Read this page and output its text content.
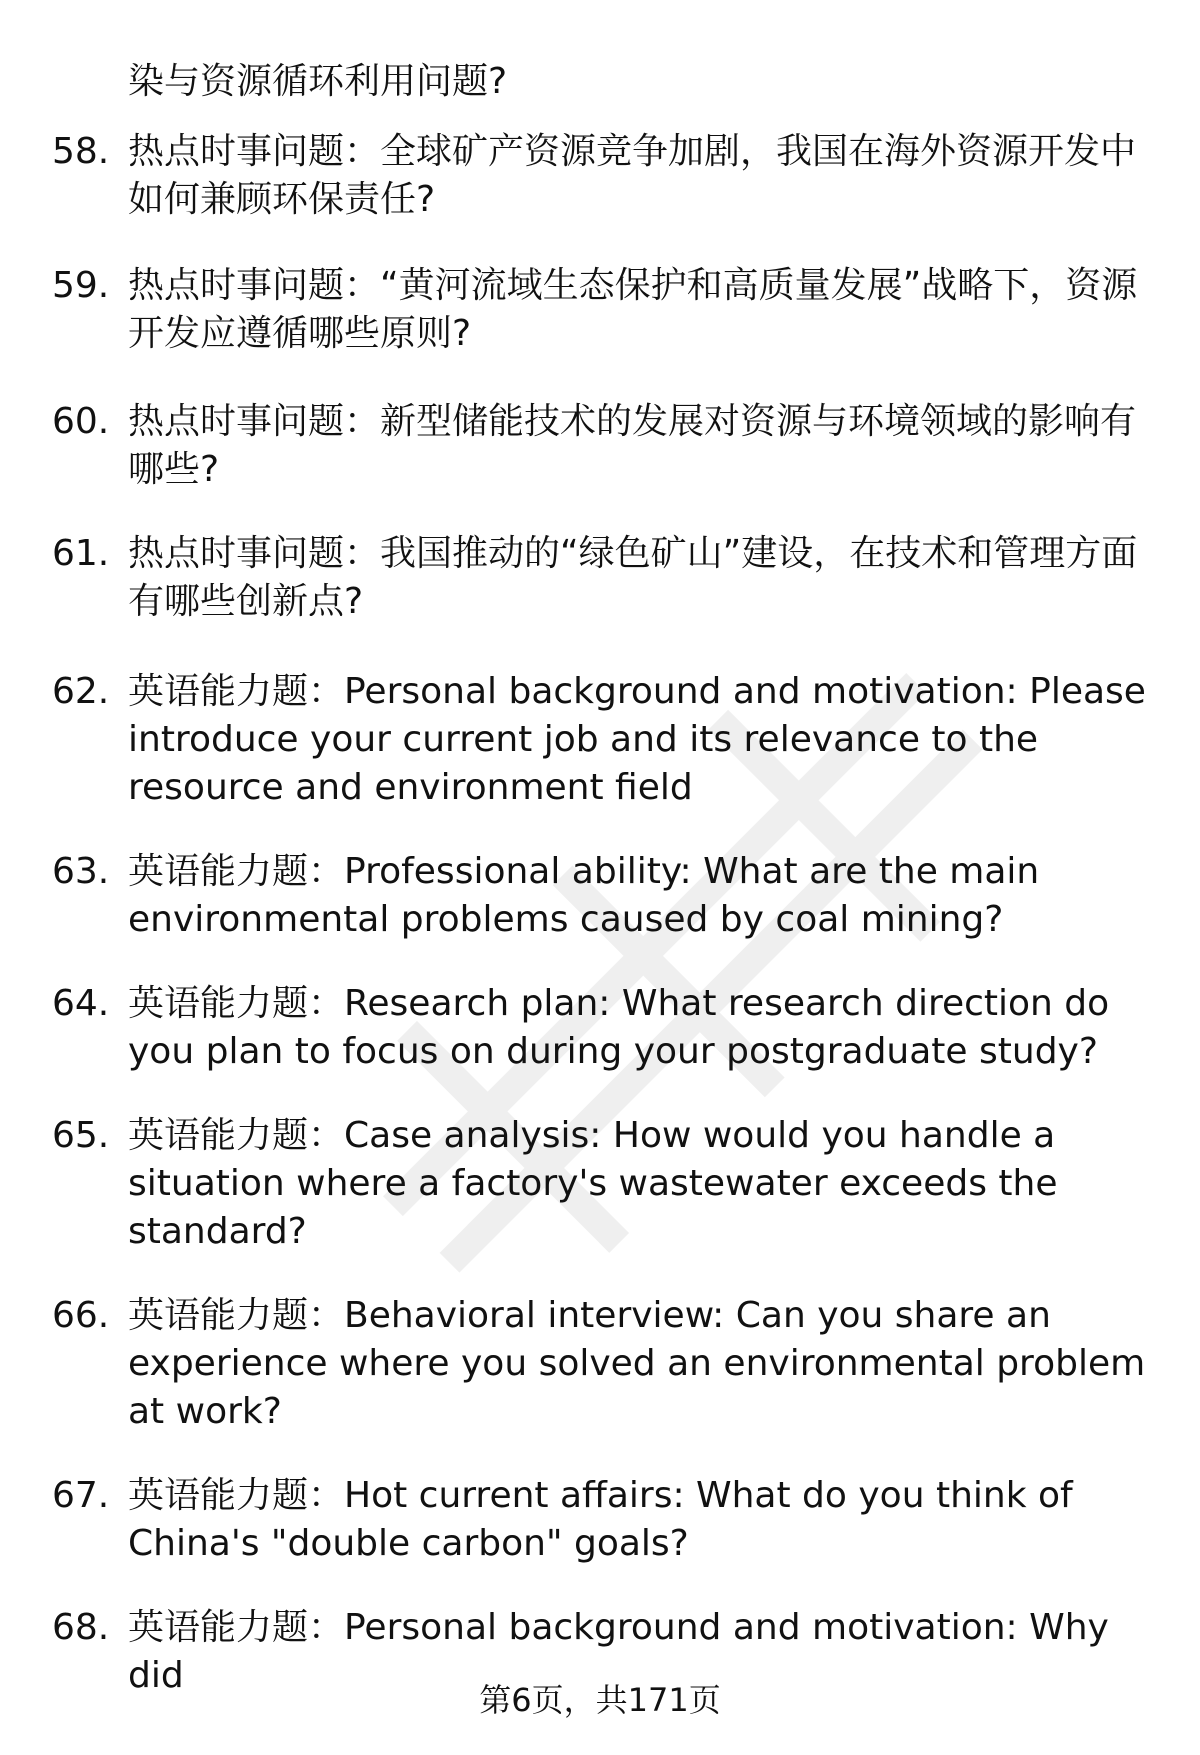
染与资源循环利用问题?
58. 热点时事问题：全球矿产资源竞争加剧，我国在海外资源开发中如何兼顾环保责任?
59. 热点时事问题：“黄河流域生态保护和高质量发展”战略下，资源开发应遵循哪些原则?
60. 热点时事问题：新型储能技术的发展对资源与环境领域的影响有哪些?
61. 热点时事问题：我国推动的“绿色矿山”建设，在技术和管理方面有哪些创新点?
62. 英语能力题：Personal background and motivation: Please introduce your current job and its relevance to the resource and environment field
63. 英语能力题：Professional ability: What are the main environmental problems caused by coal mining?
64. 英语能力题：Research plan: What research direction do you plan to focus on during your postgraduate study?
65. 英语能力题：Case analysis: How would you handle a situation where a factory's wastewater exceeds the standard?
66. 英语能力题：Behavioral interview: Can you share an experience where you solved an environmental problem at work?
67. 英语能力题：Hot current affairs: What do you think of China's "double carbon" goals?
68. 英语能力题：Personal background and motivation: Why did
第6页，共171页
